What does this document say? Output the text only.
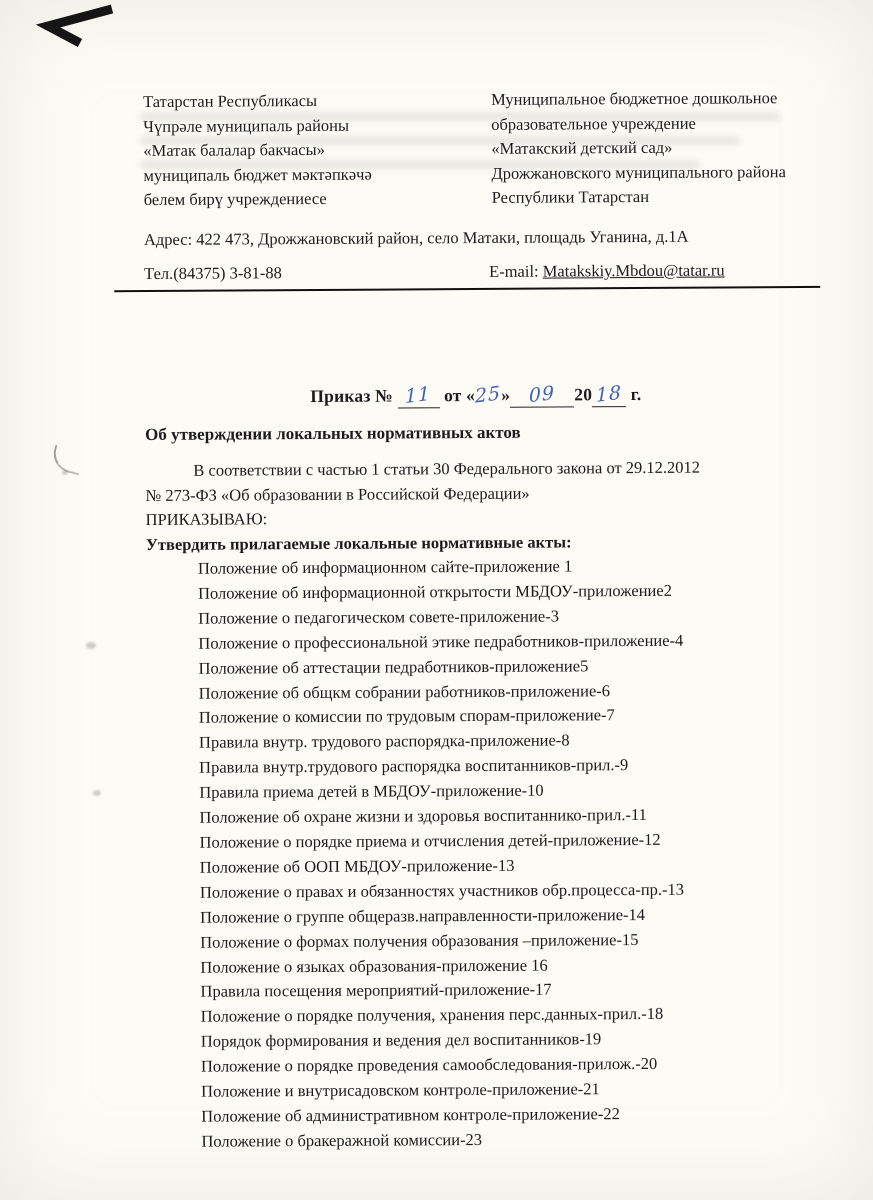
Татарстан Республикасы
Чүпрәле муниципаль районы
«Матак балалар бакчасы»
муниципаль бюджет мәктәпкәчә
белем бирү учреждениесе
Муниципальное бюджетное дошкольное
образовательное учреждение
«Матакский детский сад»
Дрожжановского муниципального района
Республики Татарстан
Адрес: 422 473, Дрожжановский район, село Матаки, площадь Уганина, д.1А
Тел.(84375) 3-81-88	E-mail: Matakskiy.Mbdou@tatar.ru
Приказ № 11 от «25» 09 20 18 г.
Об утверждении локальных нормативных актов
В соответствии с частью 1 статьи 30 Федерального закона от 29.12.2012
№ 273-ФЗ «Об образовании в Российской Федерации»
ПРИКАЗЫВАЮ:
Утвердить прилагаемые локальные нормативные акты:
Положение об информационном сайте-приложение 1
Положение об информационной открытости МБДОУ-приложение2
Положение о педагогическом совете-приложение-3
Положение о профессиональной этике педработников-приложение-4
Положение об аттестации педработников-приложение5
Положение об общкм собрании работников-приложение-6
Положение о комиссии по трудовым спорам-приложение-7
Правила внутр. трудового распорядка-приложение-8
Правила внутр.трудового распорядка воспитанников-прил.-9
Правила приема детей в МБДОУ-приложение-10
Положение об охране жизни и здоровья воспитаннико-прил.-11
Положение о порядке приема и отчисления детей-приложение-12
Положение об ООП МБДОУ-приложение-13
Положение о правах и обязанностях участников обр.процесса-пр.-13
Положение о группе общеразв.направленности-приложение-14
Положение о формах получения образования –приложение-15
Положение о языках образования-приложение 16
Правила посещения мероприятий-приложение-17
Положение о порядке получения, хранения перс.данных-прил.-18
Порядок формирования и ведения дел воспитанников-19
Положение о порядке проведения самообследования-прилож.-20
Положение и внутрисадовском контроле-приложение-21
Положение об административном контроле-приложение-22
Положение о бракеражной комиссии-23
